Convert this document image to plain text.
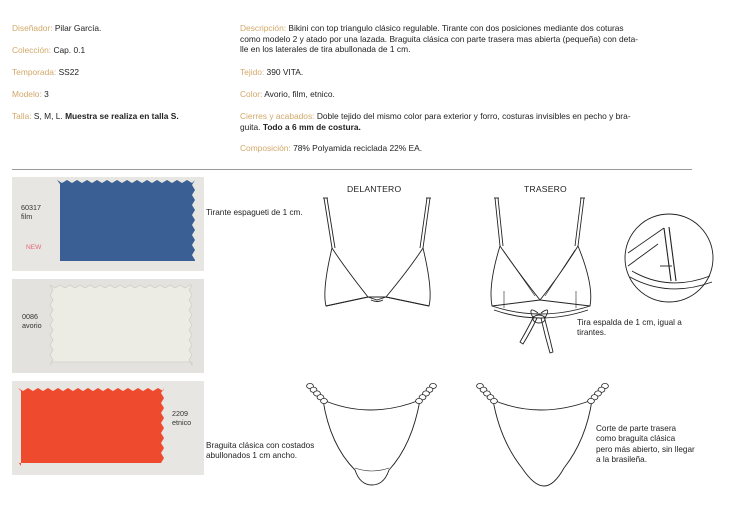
Diseñador: Pilar García.
Colección: Cap. 0.1
Temporada: SS22
Modelo: 3
Talla: S, M, L. Muestra se realiza en talla S.
Descripción: Bikini con top triangulo clásico regulable. Tirante con dos posiciones mediante dos coturas
como modelo 2 y atado por una lazada. Braguita clásica con parte trasera mas abierta (pequeña) con deta-
lle en los laterales de tira abullonada de 1 cm.
Tejido: 390 VITA.
Color: Avorio, film, etnico.
Cierres y acabados: Doble tejido del mismo color para exterior y forro, costuras invisibles en pecho y bra-
guita. Todo a 6 mm de costura.
Composición: 78% Polyamida reciclada 22% EA.
60317
film
NEW
0086
avorio
2209
etnico
Tirante espagueti de 1 cm.
Tira espalda de 1 cm, igual a
tirantes.
Braguita clásica con costados
abullonados 1 cm ancho.
Corte de parte trasera
como braguita clásica
pero más abierto, sin llegar
a la brasileña.
DELANTERO	TRASERO
